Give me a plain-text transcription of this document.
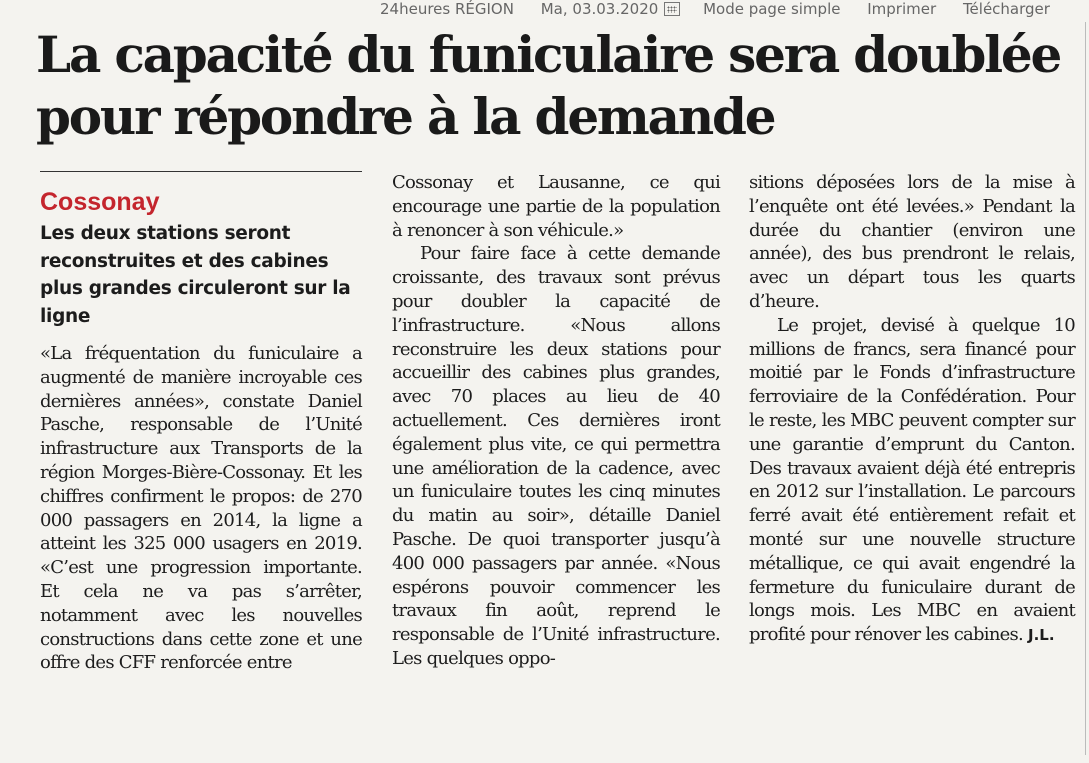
24heures RÉGION Ma, 03.03.2020	Mode page simple Imprimer Télécharger
La capacité du funiculaire sera doublée pour répondre à la demande
Cossonay
Les deux stations seront reconstruites et des cabines plus grandes circuleront sur la ligne

«La fréquentation du funiculaire a augmenté de manière incroyable ces dernières années», constate Daniel Pasche, responsable de l’Unité infrastructure aux Transports de la région Morges-Bière-Cossonay. Et les chiffres confirment le propos: de 270 000 passagers en 2014, la ligne a atteint les 325 000 usagers en 2019. «C’est une progression importante. Et cela ne va pas s’arrêter, notamment avec les nouvelles constructions dans cette zone et une offre des CFF renforcée entre

Cossonay et Lausanne, ce qui encourage une partie de la population à renoncer à son véhicule.»

Pour faire face à cette demande croissante, des travaux sont prévus pour doubler la capacité de l’infrastructure. «Nous allons reconstruire les deux stations pour accueillir des cabines plus grandes, avec 70 places au lieu de 40 actuellement. Ces dernières iront également plus vite, ce qui permettra une amélioration de la cadence, avec un funiculaire toutes les cinq minutes du matin au soir», détaille Daniel Pasche. De quoi transporter jusqu’à 400 000 passagers par année. «Nous espérons pouvoir commencer les travaux fin août, reprend le responsable de l’Unité infrastructure. Les quelques oppo-

sitions déposées lors de la mise à l’enquête ont été levées.» Pendant la durée du chantier (environ une année), des bus prendront le relais, avec un départ tous les quarts d’heure.

Le projet, devisé à quelque 10 millions de francs, sera financé pour moitié par le Fonds d’infrastructure ferroviaire de la Confédération. Pour le reste, les MBC peuvent compter sur une garantie d’emprunt du Canton. Des travaux avaient déjà été entrepris en 2012 sur l’installation. Le parcours ferré avait été entièrement refait et monté sur une nouvelle structure métallique, ce qui avait engendré la fermeture du funiculaire durant de longs mois. Les MBC en avaient profité pour rénover les cabines. J.L.
